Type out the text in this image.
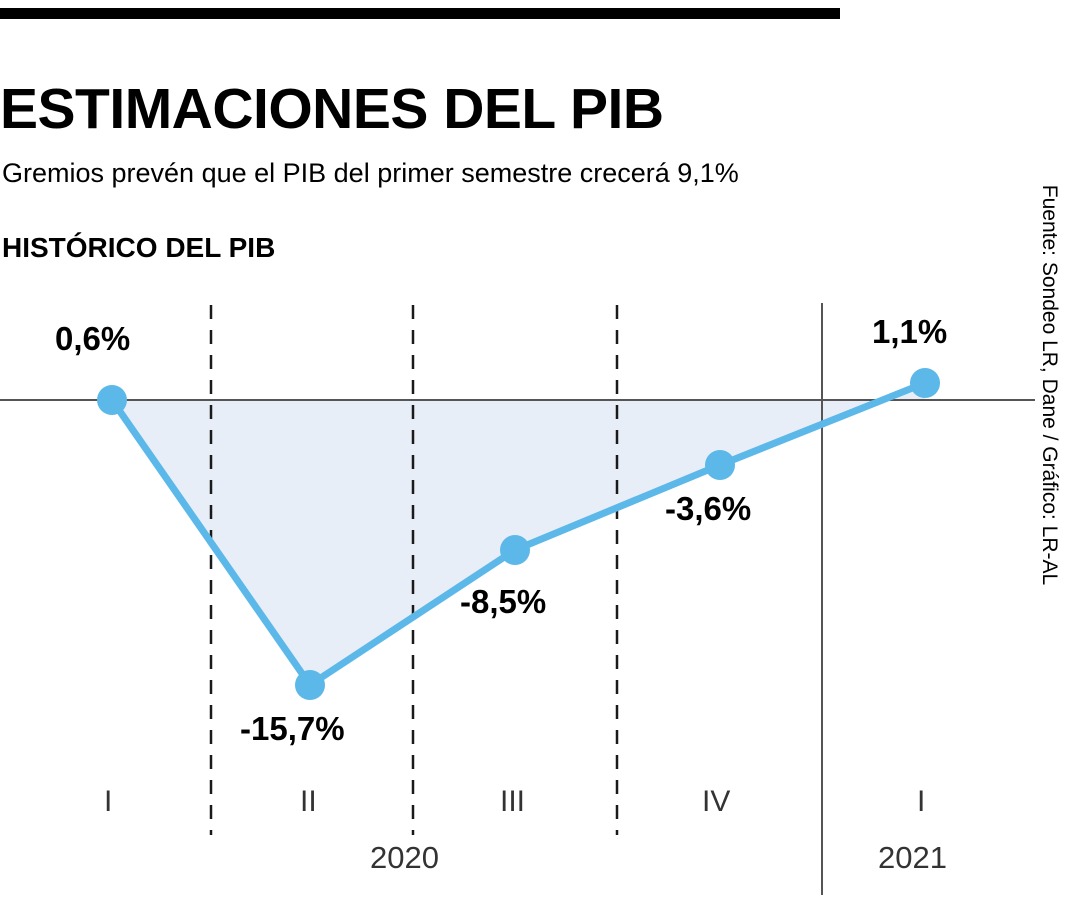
ESTIMACIONES DEL PIB
Gremios prevén que el PIB del primer semestre crecerá 9,1%
HISTÓRICO DEL PIB
0,6%
-15,7%
-8,5%
-3,6%
1,1%
I	II	III	IV	I
2020	2021
Fuente: Sondeo LR, Dane / Gráfico: LR-AL
